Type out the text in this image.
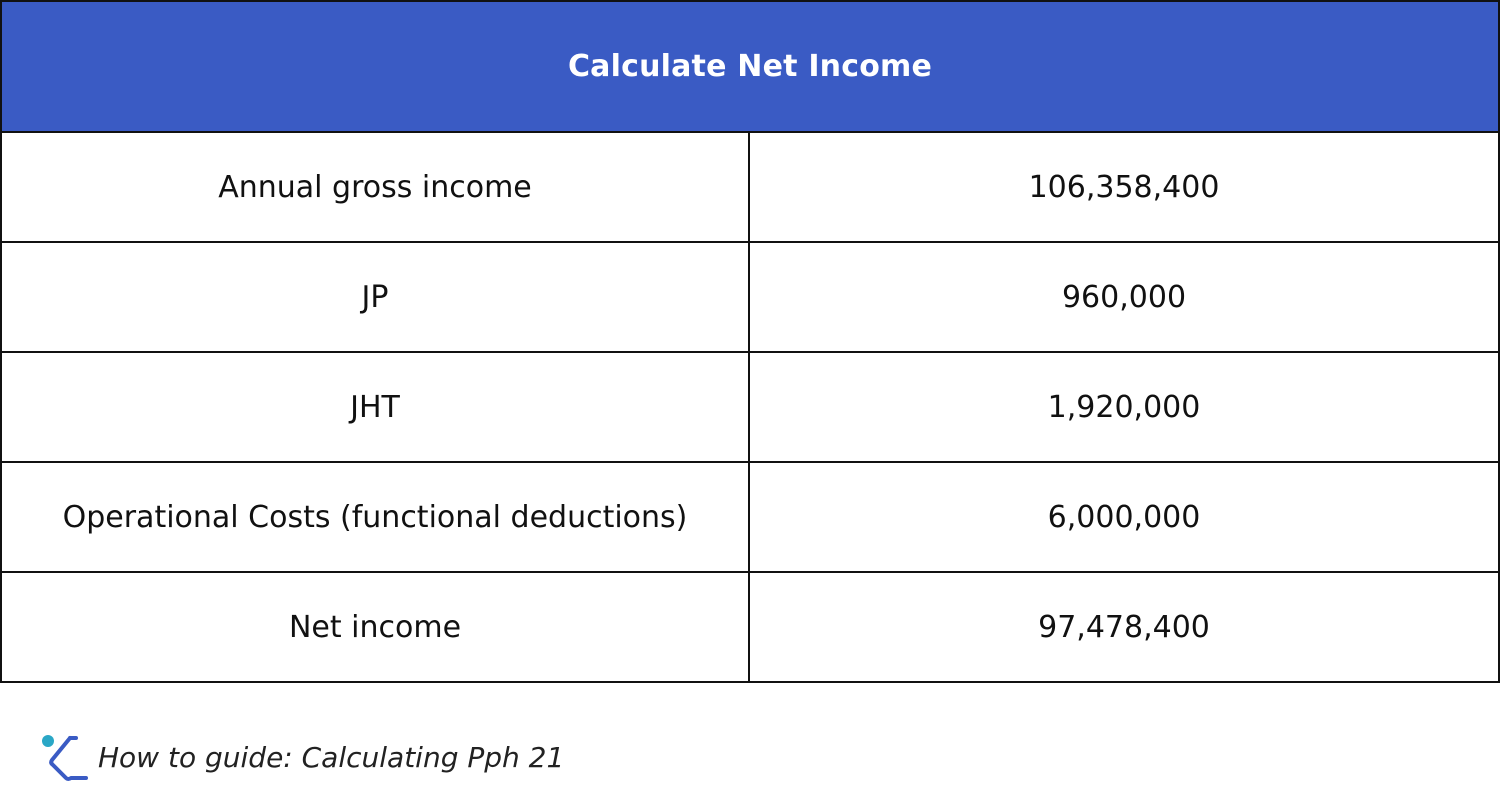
Calculate Net Income
Annual gross income	106,358,400
JP	960,000
JHT	1,920,000
Operational Costs (functional deductions)	6,000,000
Net income	97,478,400
How to guide: Calculating Pph 21
